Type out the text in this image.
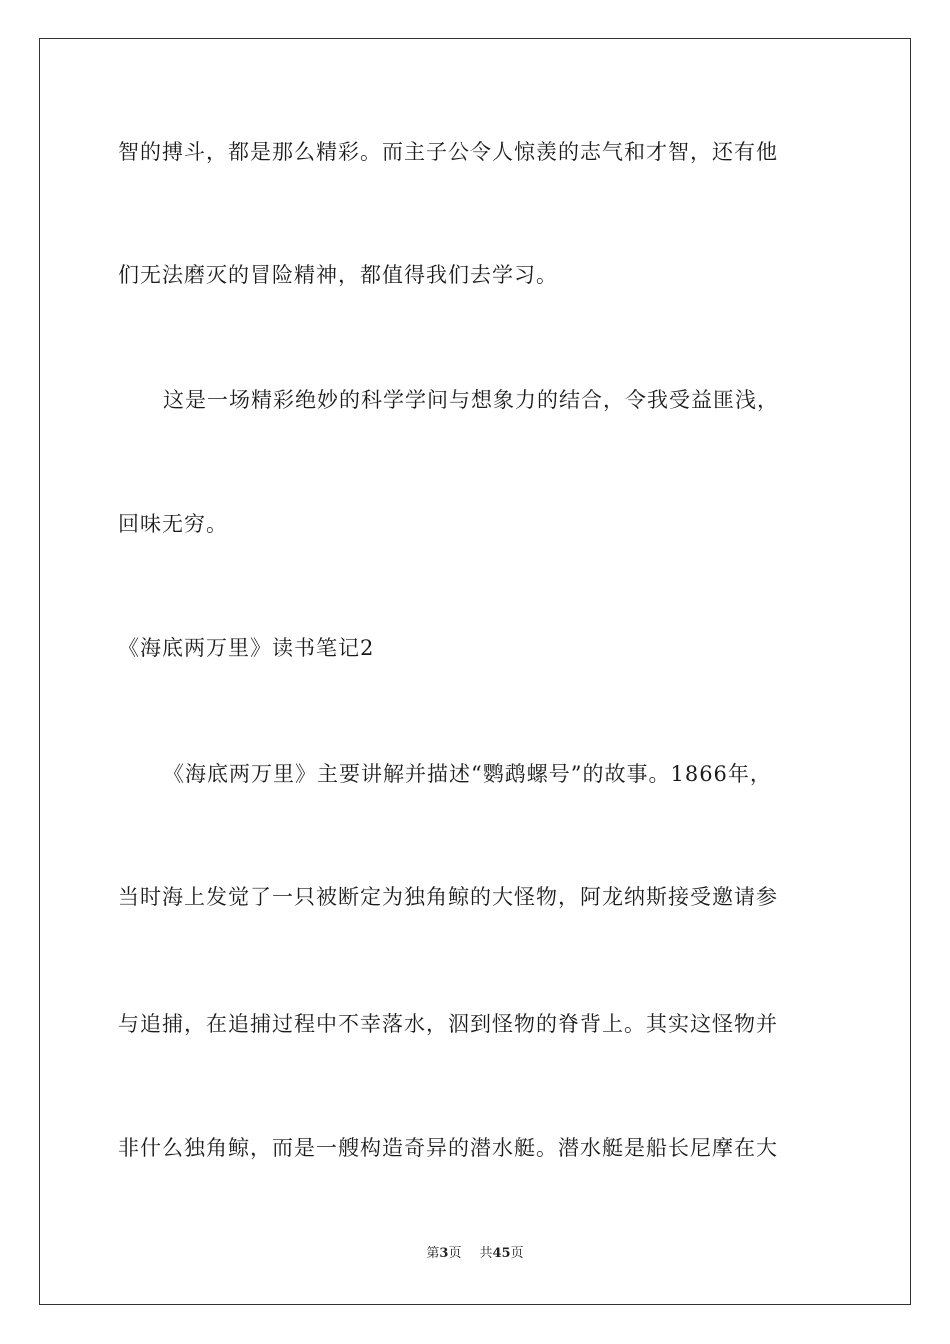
智的搏斗，都是那么精彩。而主子公令人惊羡的志气和才智，还有他
们无法磨灭的冒险精神，都值得我们去学习。
这是一场精彩绝妙的科学学问与想象力的结合，令我受益匪浅，
回味无穷。
《海底两万里》读书笔记2
《海底两万里》主要讲解并描述“鹦鹉螺号”的故事。1866年，
当时海上发觉了一只被断定为独角鲸的大怪物，阿龙纳斯接受邀请参
与追捕，在追捕过程中不幸落水，泅到怪物的脊背上。其实这怪物并
非什么独角鲸，而是一艘构造奇异的潜水艇。潜水艇是船长尼摩在大
第3页 共45页
